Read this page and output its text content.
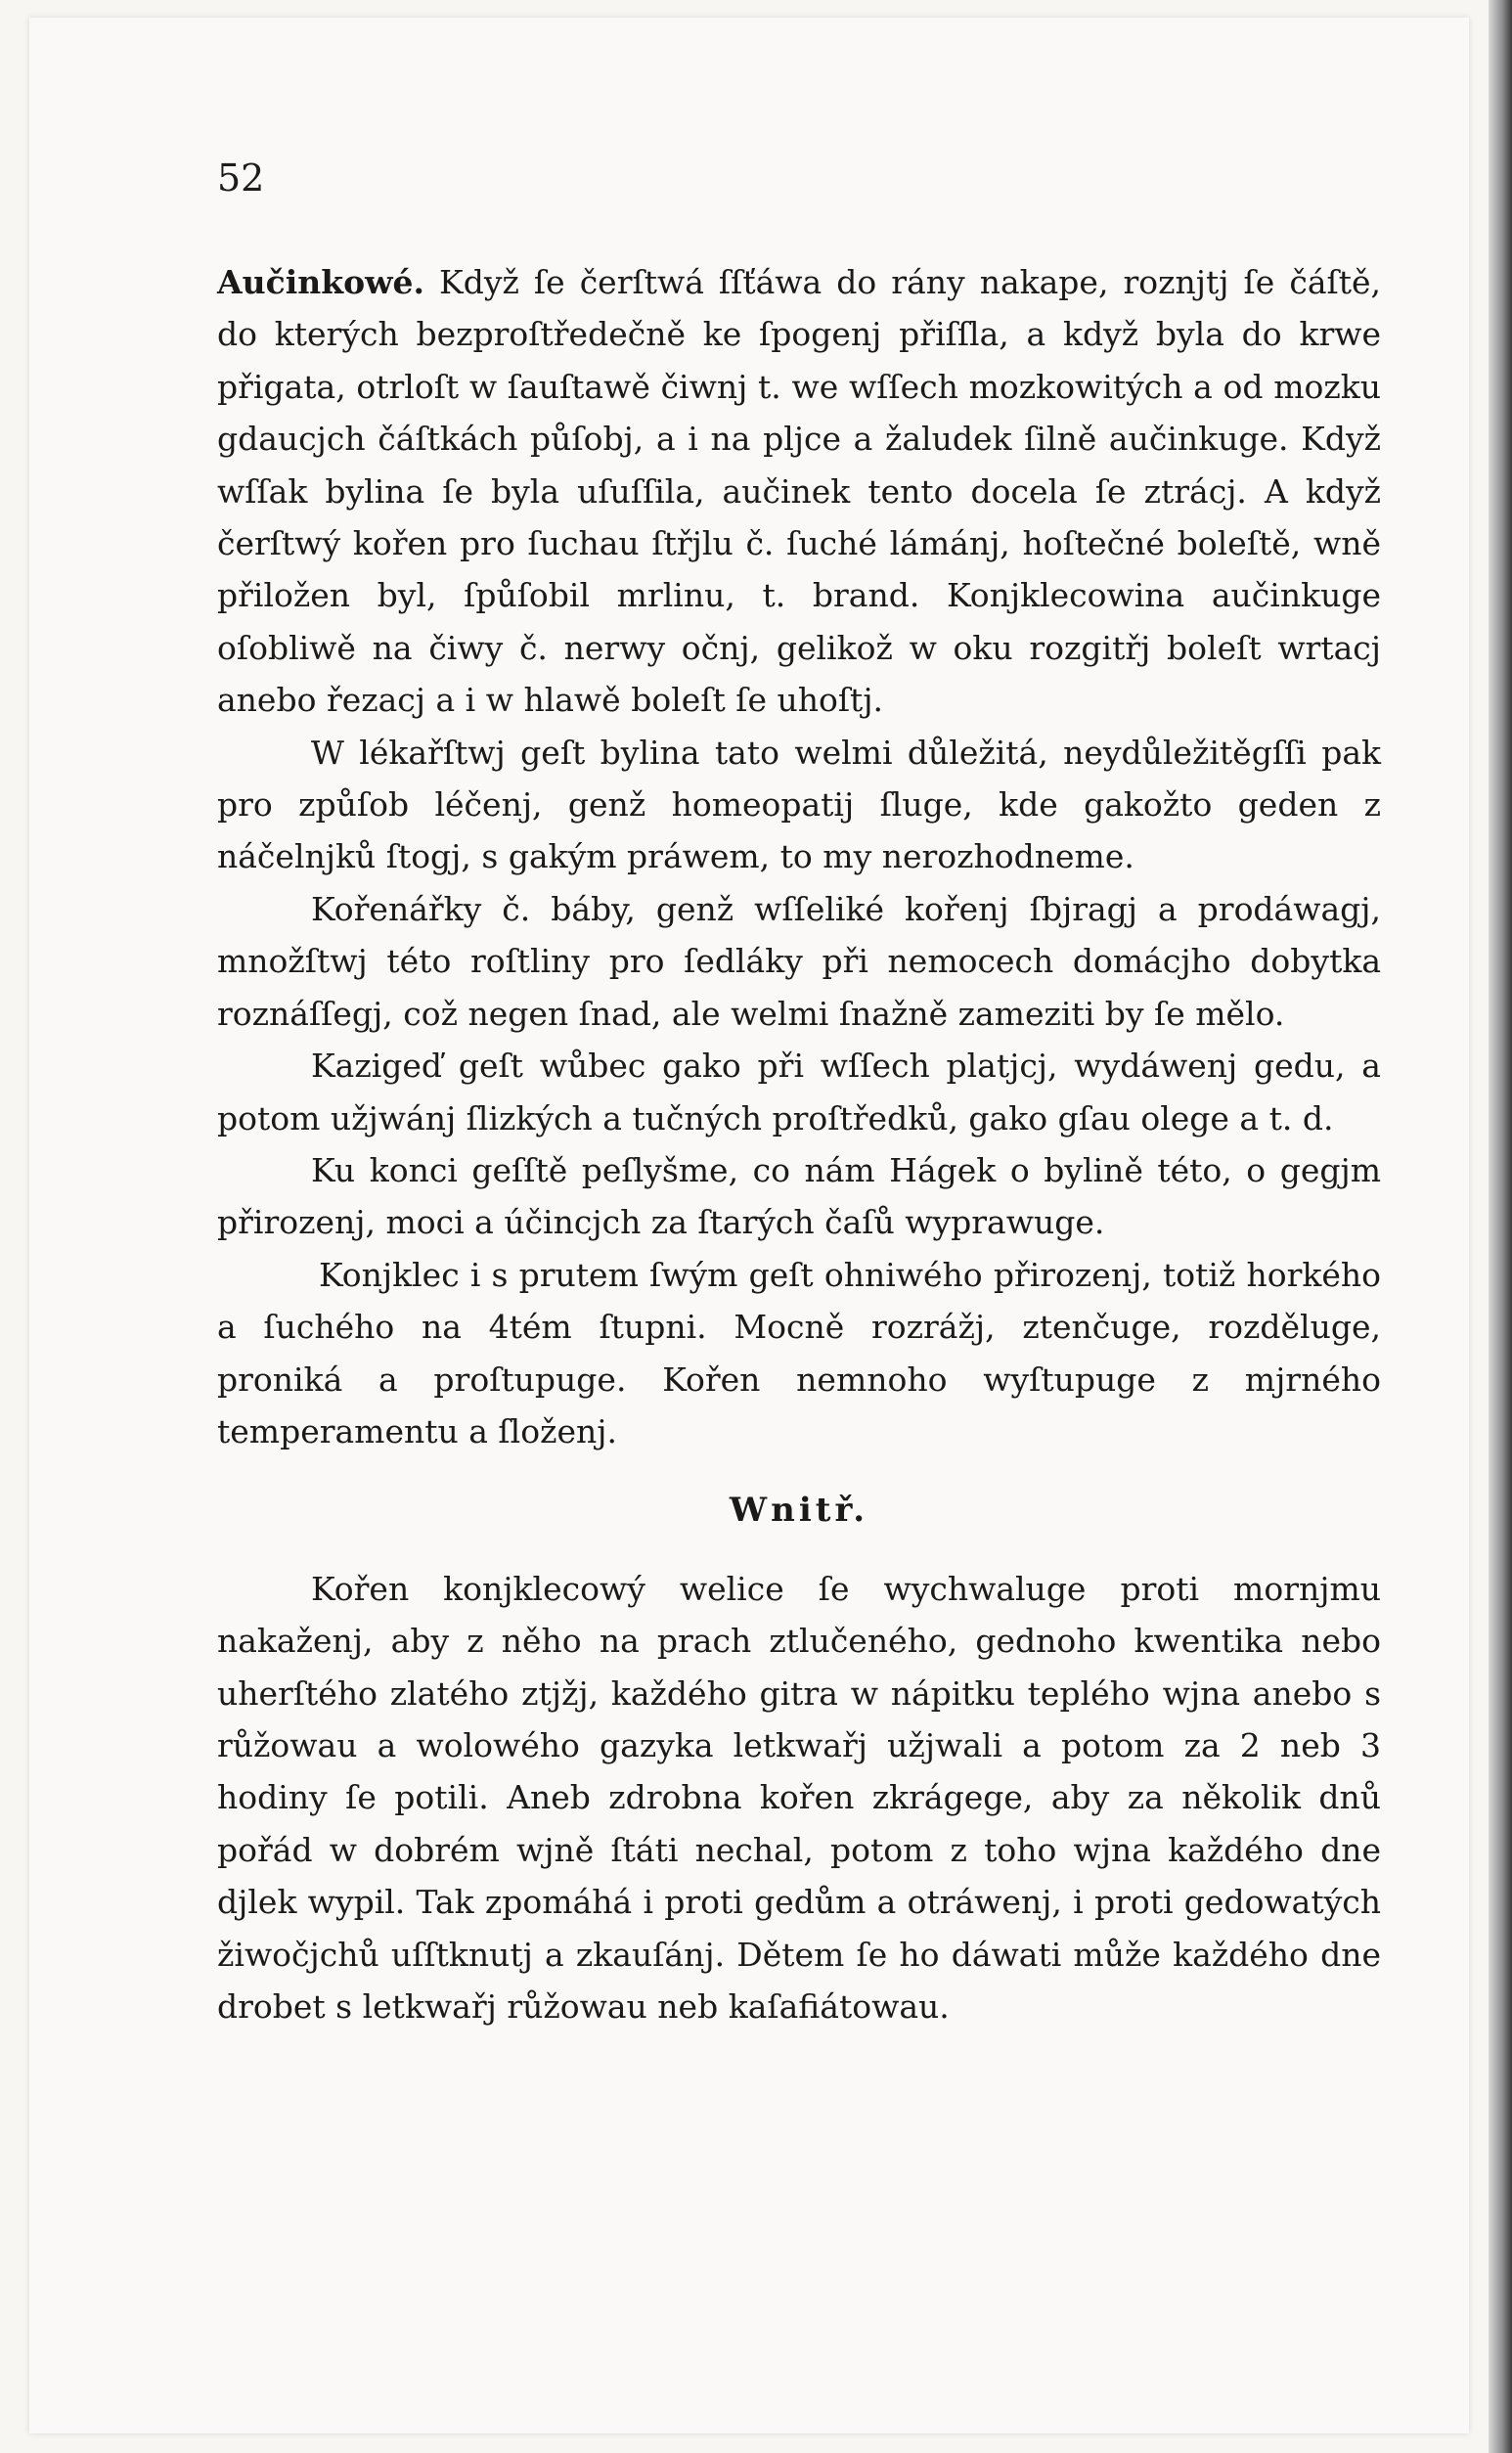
52

Aučinkowé. Když ſe čerſtwá ſſťáwa do rány nakape, roznjtj ſe čáſtě, do kterých bezproſtředečně ke ſpogenj přiſſla, a když byla do krwe přigata, otrloſt w ſauſtawě čiwnj t. we wſſech mozkowitých a od mozku gdaucjch čáſtkách půſobj, a i na pljce a žaludek ſilně aučinkuge. Když wſſak bylina ſe byla uſuſſila, aučinek tento docela ſe ztrácj. A když čerſtwý kořen pro ſuchau ſtřjlu č. ſuché lámánj, hoſtečné boleſtě, wně přiložen byl, ſpůſobil mrlinu, t. brand. Konjklecowina aučinkuge oſobliwě na čiwy č. nerwy očnj, gelikož w oku rozgitřj boleſt wrtacj anebo řezacj a i w hlawě boleſt ſe uhoſtj.

W lékařſtwj geſt bylina tato welmi důležitá, neydůležitěgſſi pak pro způſob léčenj, genž homeopatij ſluge, kde gakožto geden z náčelnjků ſtogj, s gakým práwem, to my nerozhodneme.

Kořenářky č. báby, genž wſſeliké kořenj ſbjragj a prodáwagj, množſtwj této roſtliny pro ſedláky při nemocech domácjho dobytka roznáſſegj, což negen ſnad, ale welmi ſnažně zameziti by ſe mělo.

Kazigeď geſt wůbec gako při wſſech platjcj, wydáwenj gedu, a potom užjwánj ſlizkých a tučných proſtředků, gako gſau olege a t. d.

Ku konci geſſtě peſlyšme, co nám Hágek o bylině této, o gegjm přirozenj, moci a účincjch za ſtarých čaſů wyprawuge.

Konjklec i s prutem ſwým geſt ohniwého přirozenj, totiž horkého a ſuchého na 4tém ſtupni. Mocně rozrážj, ztenčuge, rozděluge, proniká a proſtupuge. Kořen nemnoho wyſtupuge z mjrného temperamentu a ſloženj.

Wnitř.

Kořen konjklecowý welice ſe wychwaluge proti mornjmu nakaženj, aby z něho na prach ztlučeného, gednoho kwentika nebo uherſtého zlatého ztjžj, každého gitra w nápitku teplého wjna anebo s růžowau a wolowého gazyka letkwařj užjwali a potom za 2 neb 3 hodiny ſe potili. Aneb zdrobna kořen zkrágege, aby za několik dnů pořád w dobrém wjně ſtáti nechal, potom z toho wjna každého dne djlek wypil. Tak zpomáhá i proti gedům a otráwenj, i proti gedowatých žiwočjchů uſſtknutj a zkauſánj. Dětem ſe ho dáwati může každého dne drobet s letkwařj růžowau neb kaſafiátowau.
